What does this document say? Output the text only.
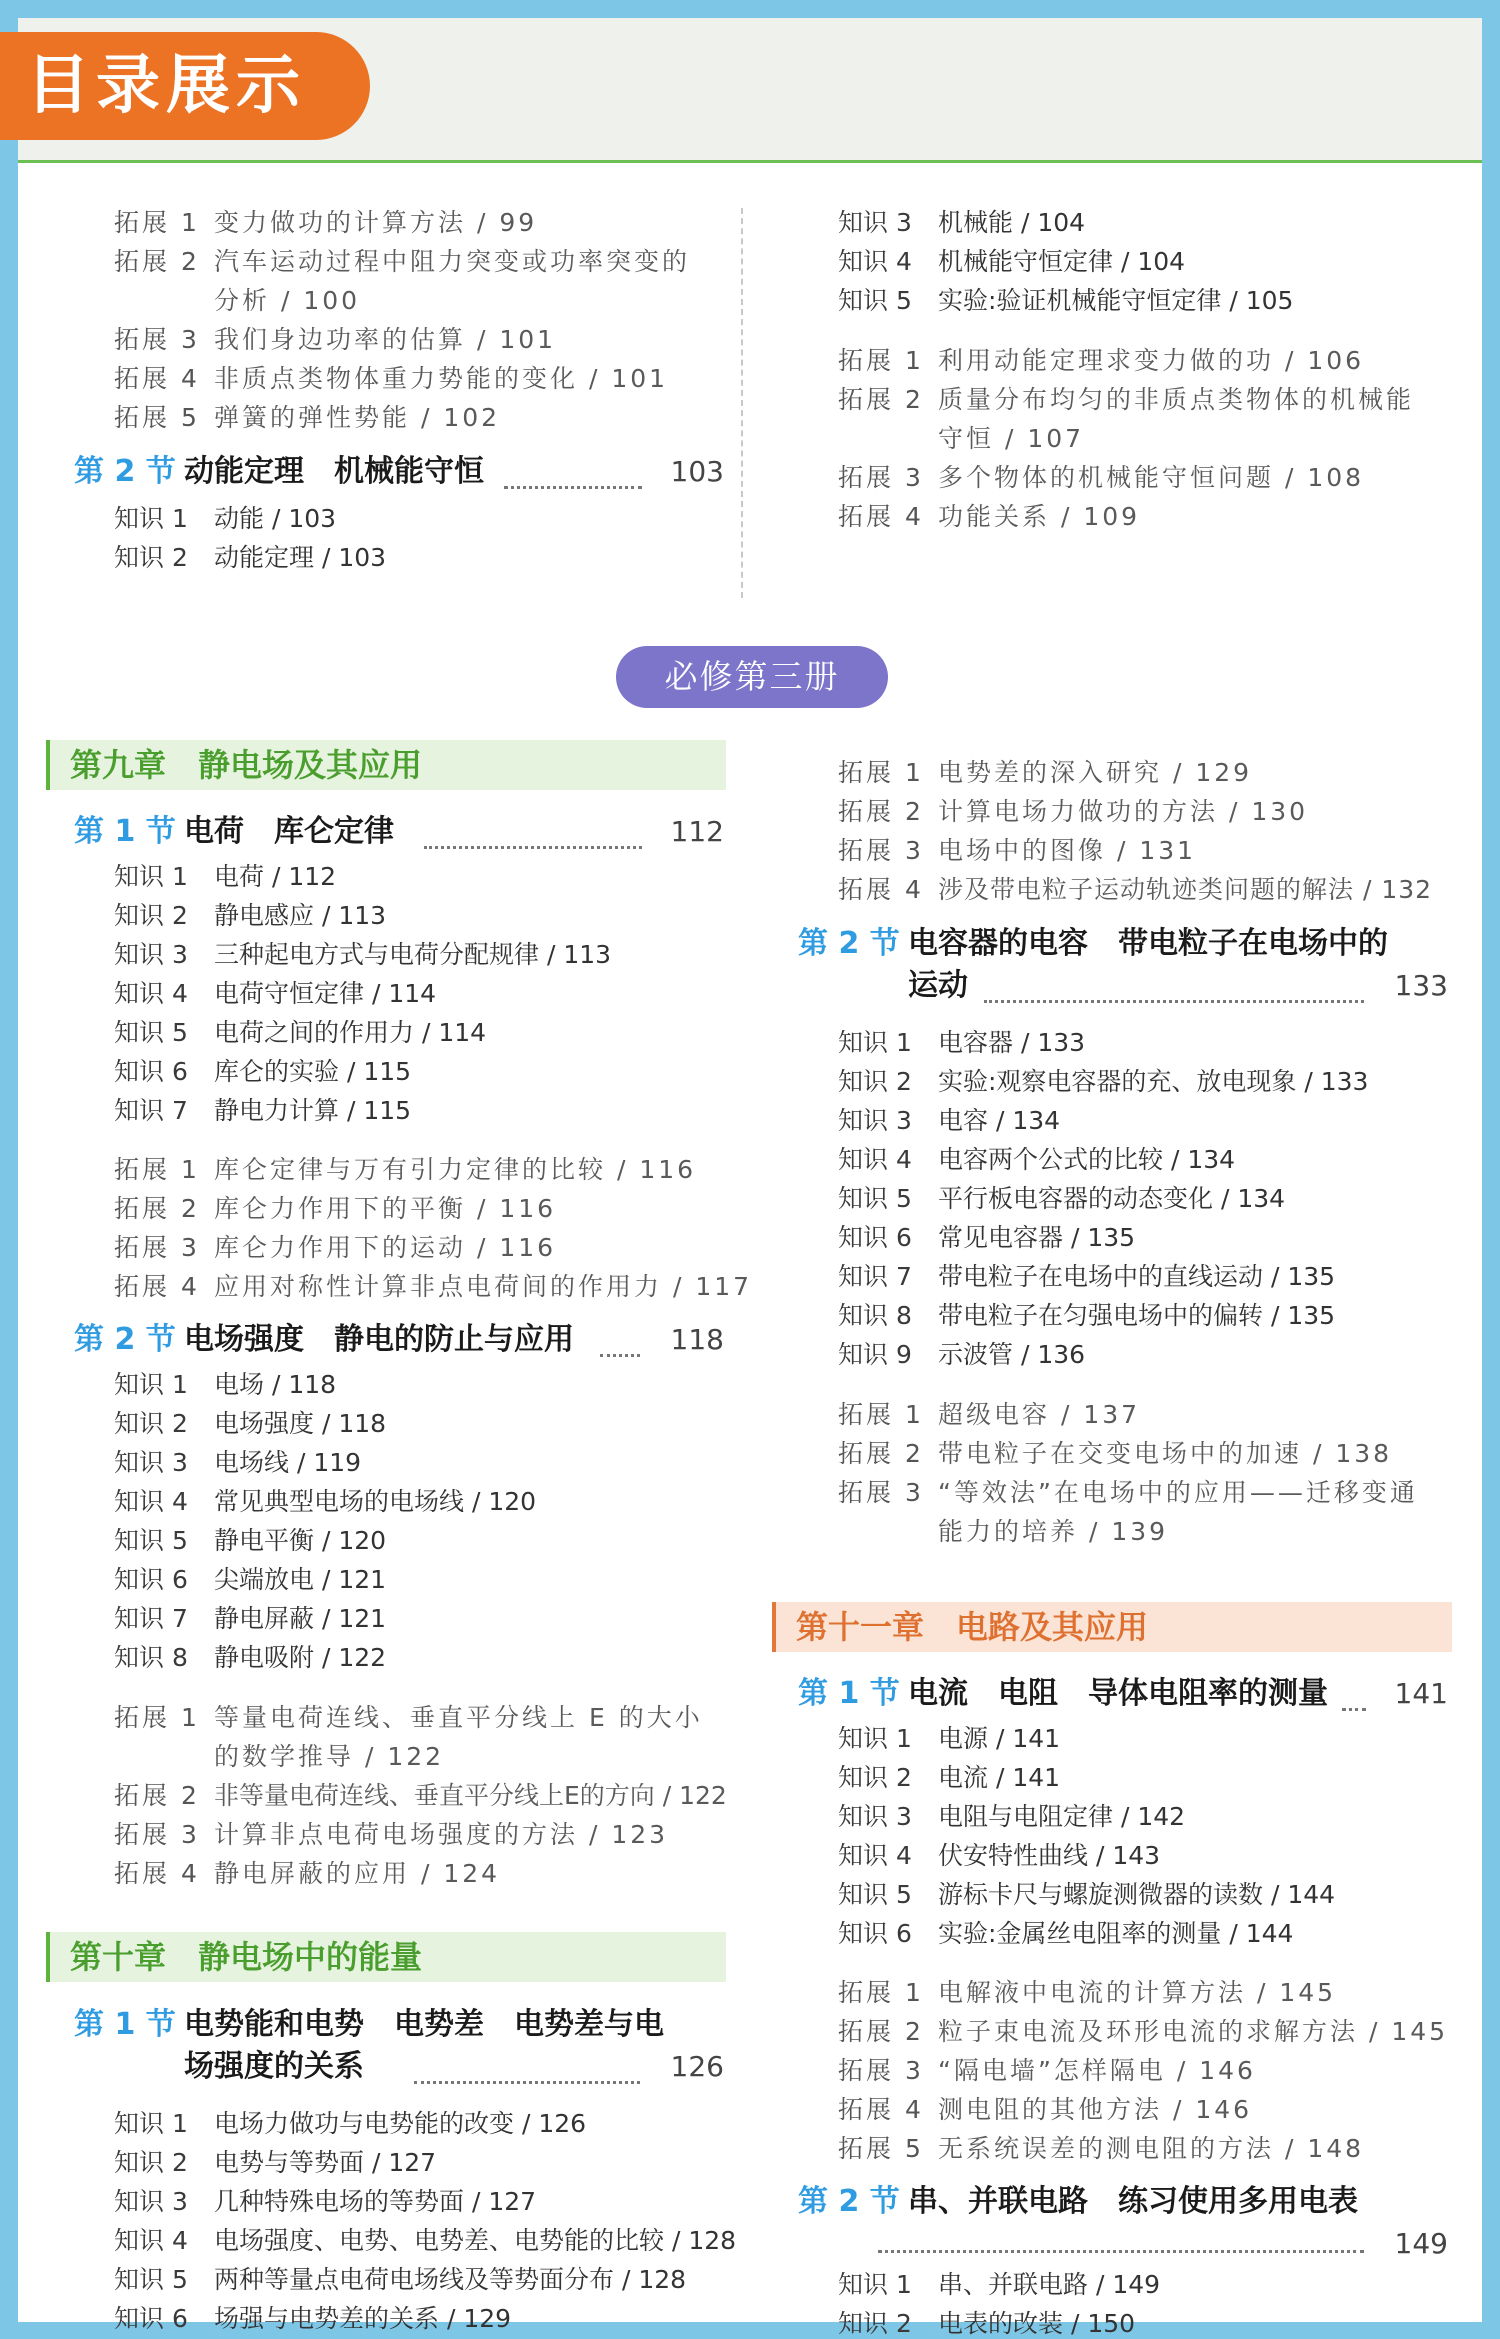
目录展示
拓展 1 变力做功的计算方法 / 99
拓展 2 汽车运动过程中阻力突变或功率突变的
分析 / 100
拓展 3 我们身边功率的估算 / 101
拓展 4 非质点类物体重力势能的变化 / 101
拓展 5 弹簧的弹性势能 / 102
第 2 节 动能定理　机械能守恒	103
知识 1 动能 / 103
知识 2 动能定理 / 103
知识 3 机械能 / 104
知识 4 机械能守恒定律 / 104
知识 5 实验:验证机械能守恒定律 / 105
拓展 1 利用动能定理求变力做的功 / 106
拓展 2 质量分布均匀的非质点类物体的机械能
守恒 / 107
拓展 3 多个物体的机械能守恒问题 / 108
拓展 4 功能关系 / 109
必修第三册
第九章　静电场及其应用
第 1 节 电荷　库仑定律	112
知识 1 电荷 / 112
知识 2 静电感应 / 113
知识 3 三种起电方式与电荷分配规律 / 113
知识 4 电荷守恒定律 / 114
知识 5 电荷之间的作用力 / 114
知识 6 库仑的实验 / 115
知识 7 静电力计算 / 115
拓展 1 库仑定律与万有引力定律的比较 / 116
拓展 2 库仑力作用下的平衡 / 116
拓展 3 库仑力作用下的运动 / 116
拓展 4 应用对称性计算非点电荷间的作用力 / 117
第 2 节 电场强度　静电的防止与应用	118
知识 1 电场 / 118
知识 2 电场强度 / 118
知识 3 电场线 / 119
知识 4 常见典型电场的电场线 / 120
知识 5 静电平衡 / 120
知识 6 尖端放电 / 121
知识 7 静电屏蔽 / 121
知识 8 静电吸附 / 122
拓展 1 等量电荷连线、垂直平分线上 E 的大小
的数学推导 / 122
拓展 2 非等量电荷连线、垂直平分线上E的方向 / 122
拓展 3 计算非点电荷电场强度的方法 / 123
拓展 4 静电屏蔽的应用 / 124
第十章　静电场中的能量
第 1 节 电势能和电势　电势差　电势差与电
场强度的关系	126
知识 1 电场力做功与电势能的改变 / 126
知识 2 电势与等势面 / 127
知识 3 几种特殊电场的等势面 / 127
知识 4 电场强度、电势、电势差、电势能的比较 / 128
知识 5 两种等量点电荷电场线及等势面分布 / 128
知识 6 场强与电势差的关系 / 129
拓展 1 电势差的深入研究 / 129
拓展 2 计算电场力做功的方法 / 130
拓展 3 电场中的图像 / 131
拓展 4 涉及带电粒子运动轨迹类问题的解法 / 132
第 2 节 电容器的电容　带电粒子在电场中的
运动	133
知识 1 电容器 / 133
知识 2 实验:观察电容器的充、放电现象 / 133
知识 3 电容 / 134
知识 4 电容两个公式的比较 / 134
知识 5 平行板电容器的动态变化 / 134
知识 6 常见电容器 / 135
知识 7 带电粒子在电场中的直线运动 / 135
知识 8 带电粒子在匀强电场中的偏转 / 135
知识 9 示波管 / 136
拓展 1 超级电容 / 137
拓展 2 带电粒子在交变电场中的加速 / 138
拓展 3 “等效法”在电场中的应用——迁移变通
能力的培养 / 139
第十一章　电路及其应用
第 1 节 电流　电阻　导体电阻率的测量	141
知识 1 电源 / 141
知识 2 电流 / 141
知识 3 电阻与电阻定律 / 142
知识 4 伏安特性曲线 / 143
知识 5 游标卡尺与螺旋测微器的读数 / 144
知识 6 实验:金属丝电阻率的测量 / 144
拓展 1 电解液中电流的计算方法 / 145
拓展 2 粒子束电流及环形电流的求解方法 / 145
拓展 3 “隔电墙”怎样隔电 / 146
拓展 4 测电阻的其他方法 / 146
拓展 5 无系统误差的测电阻的方法 / 148
第 2 节 串、并联电路　练习使用多用电表
149
知识 1 串、并联电路 / 149
知识 2 电表的改装 / 150
